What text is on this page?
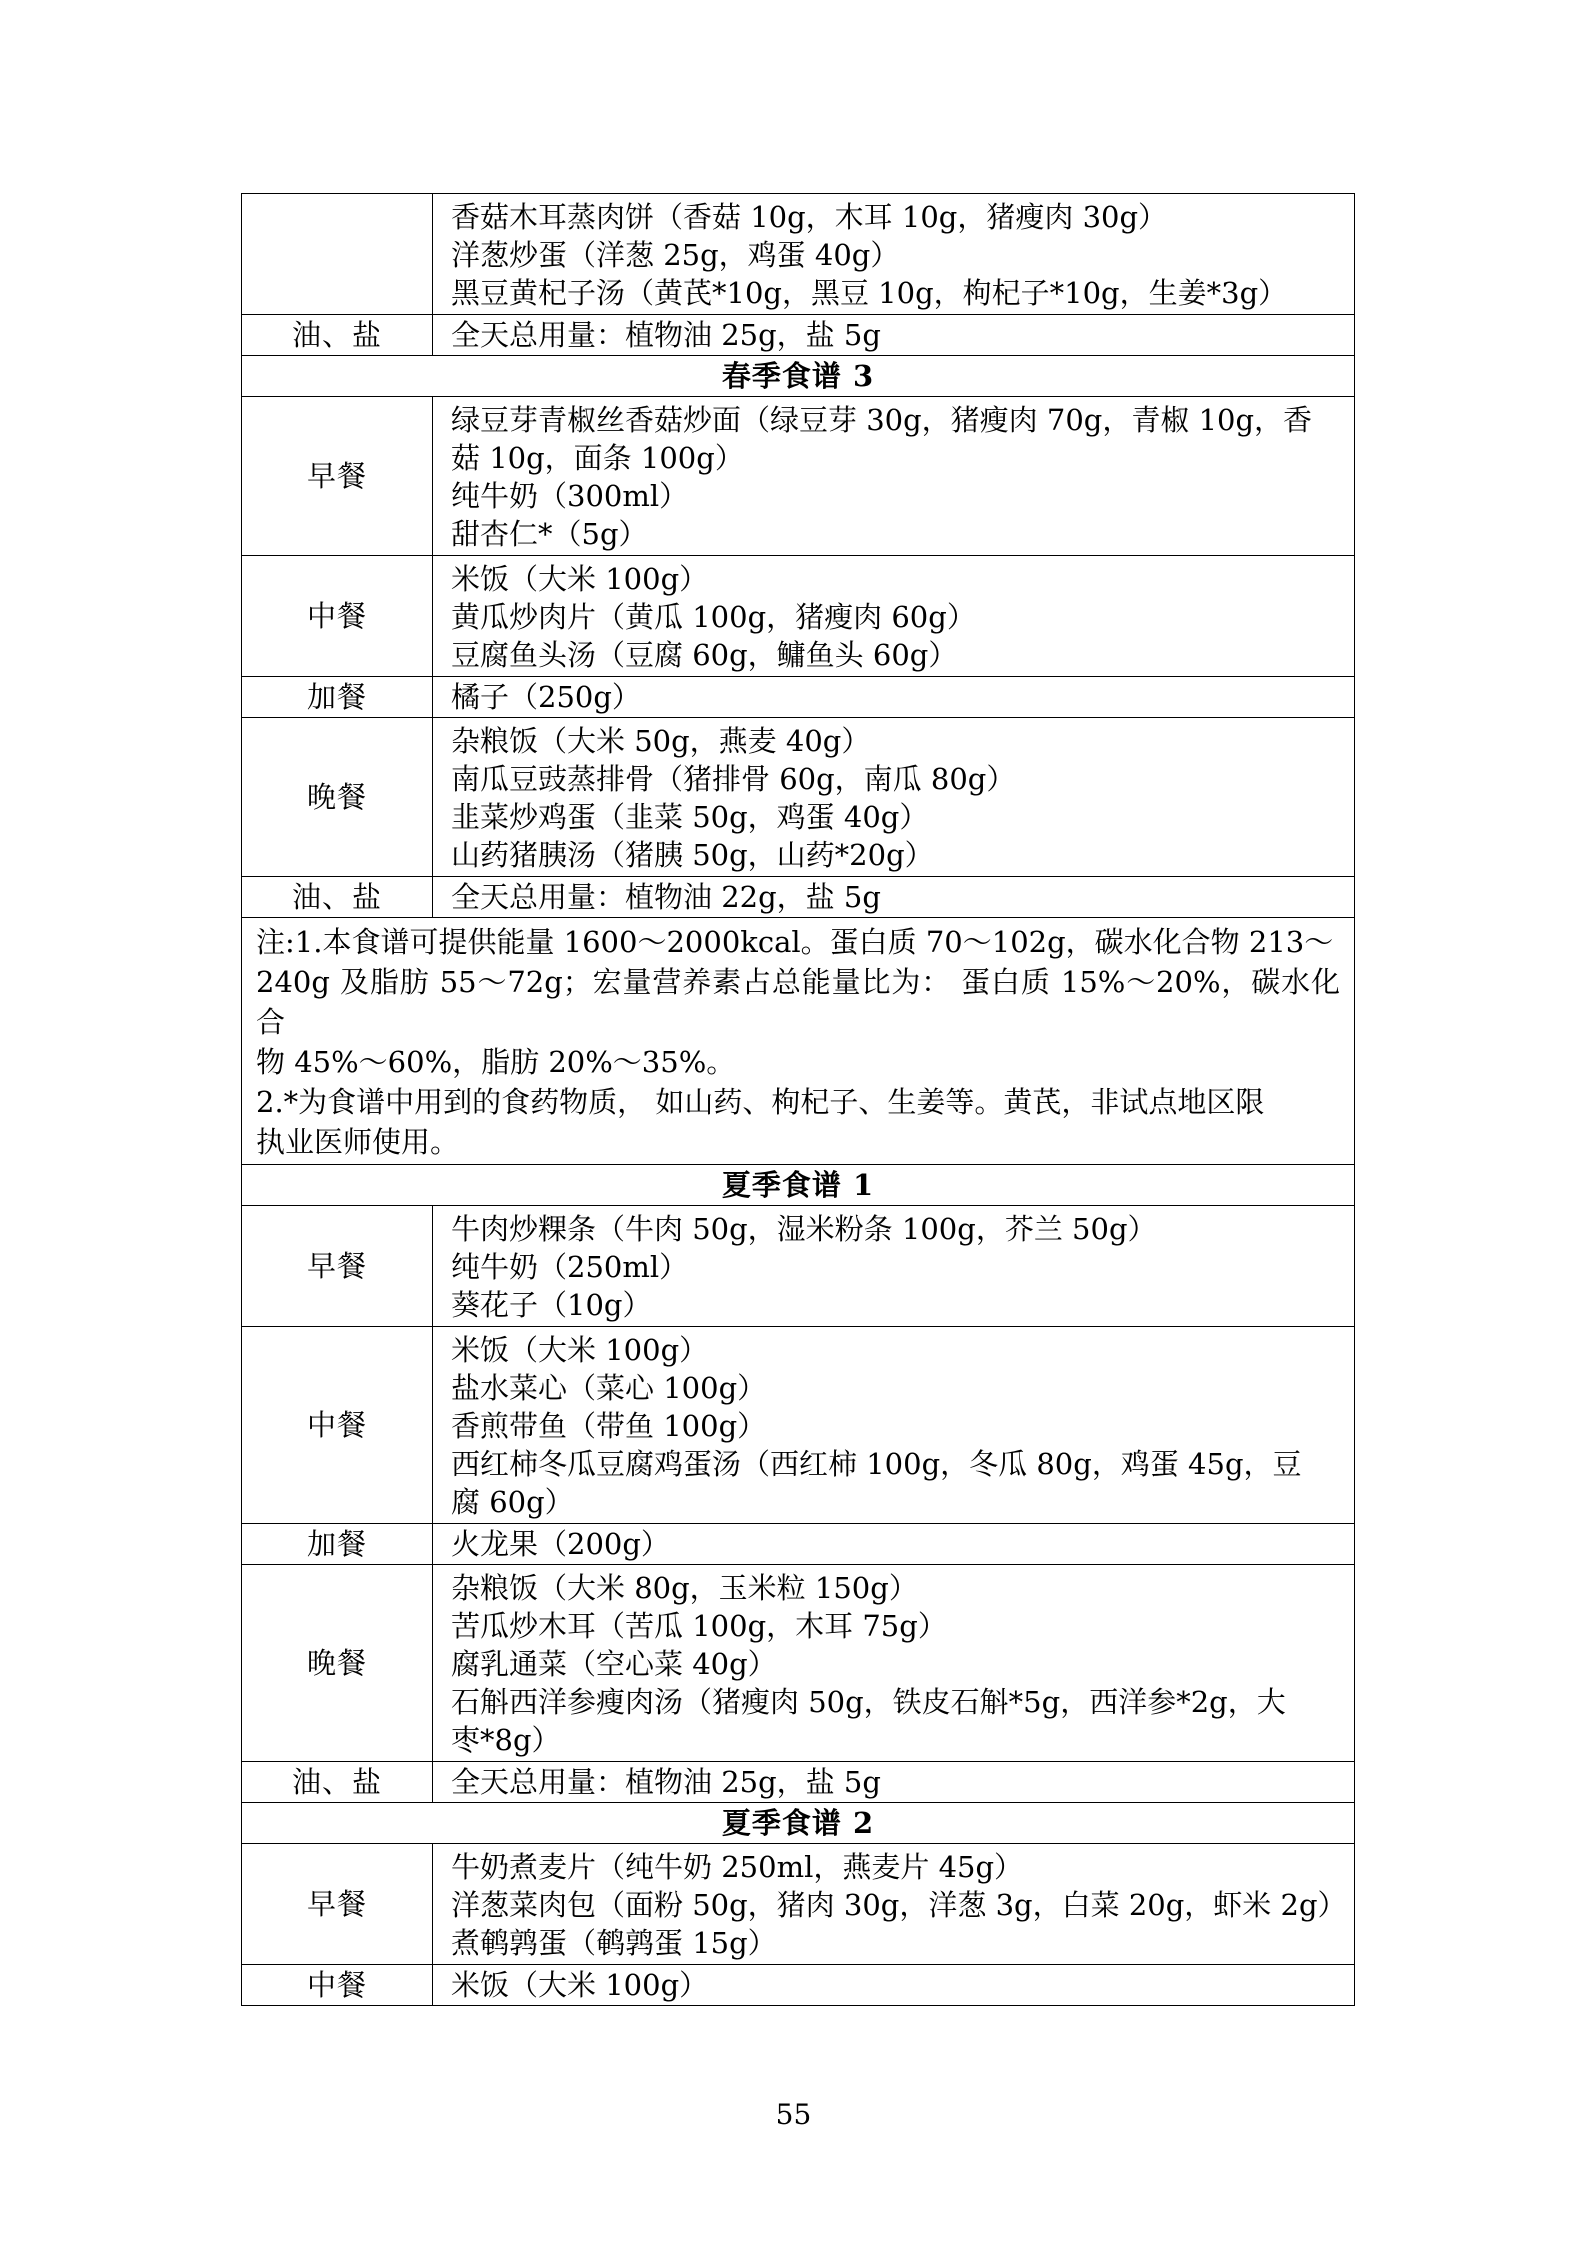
	香菇木耳蒸肉饼（香菇 10g，木耳 10g，猪瘦肉 30g）
洋葱炒蛋（洋葱 25g，鸡蛋 40g）
黑豆黄杞子汤（黄芪*10g，黑豆 10g，枸杞子*10g，生姜*3g）

油、盐	全天总用量：植物油 25g，盐 5g
春季食谱 3	
早餐	绿豆芽青椒丝香菇炒面（绿豆芽 30g，猪瘦肉 70g，青椒 10g，香
菇 10g，面条 100g）
纯牛奶（300ml）
甜杏仁*（5g）

中餐	米饭（大米 100g）
黄瓜炒肉片（黄瓜 100g，猪瘦肉 60g）
豆腐鱼头汤（豆腐 60g，鳙鱼头 60g）

加餐	橘子（250g）
晚餐	杂粮饭（大米 50g，燕麦 40g）
南瓜豆豉蒸排骨（猪排骨 60g，南瓜 80g）
韭菜炒鸡蛋（韭菜 50g，鸡蛋 40g）
山药猪胰汤（猪胰 50g，山药*20g）

油、盐	全天总用量：植物油 22g，盐 5g

注:1.本食谱可提供能量 1600～2000kcal。蛋白质 70～102g，碳水化合物 213～
240g 及脂肪 55～72g；宏量营养素占总能量比为： 蛋白质 15%～20%，碳水化合
物 45%～60%，脂肪 20%～35%。
2.*为食谱中用到的食药物质， 如山药、枸杞子、生姜等。黄芪，非试点地区限
执业医师使用。	

夏季食谱 1	
早餐	牛肉炒粿条（牛肉 50g，湿米粉条 100g，芥兰 50g）
纯牛奶（250ml）
葵花子（10g）

中餐	米饭（大米 100g）
盐水菜心（菜心 100g）
香煎带鱼（带鱼 100g）
西红柿冬瓜豆腐鸡蛋汤（西红柿 100g，冬瓜 80g，鸡蛋 45g，豆
腐 60g）

加餐	火龙果（200g）
晚餐	杂粮饭（大米 80g，玉米粒 150g）
苦瓜炒木耳（苦瓜 100g，木耳 75g）
腐乳通菜（空心菜 40g）
石斛西洋参瘦肉汤（猪瘦肉 50g，铁皮石斛*5g，西洋参*2g，大
枣*8g）

油、盐	全天总用量：植物油 25g，盐 5g
夏季食谱 2	
早餐	牛奶煮麦片（纯牛奶 250ml，燕麦片 45g）
洋葱菜肉包（面粉 50g，猪肉 30g，洋葱 3g，白菜 20g，虾米 2g）
煮鹌鹑蛋（鹌鹑蛋 15g）

中餐	米饭（大米 100g）
55
